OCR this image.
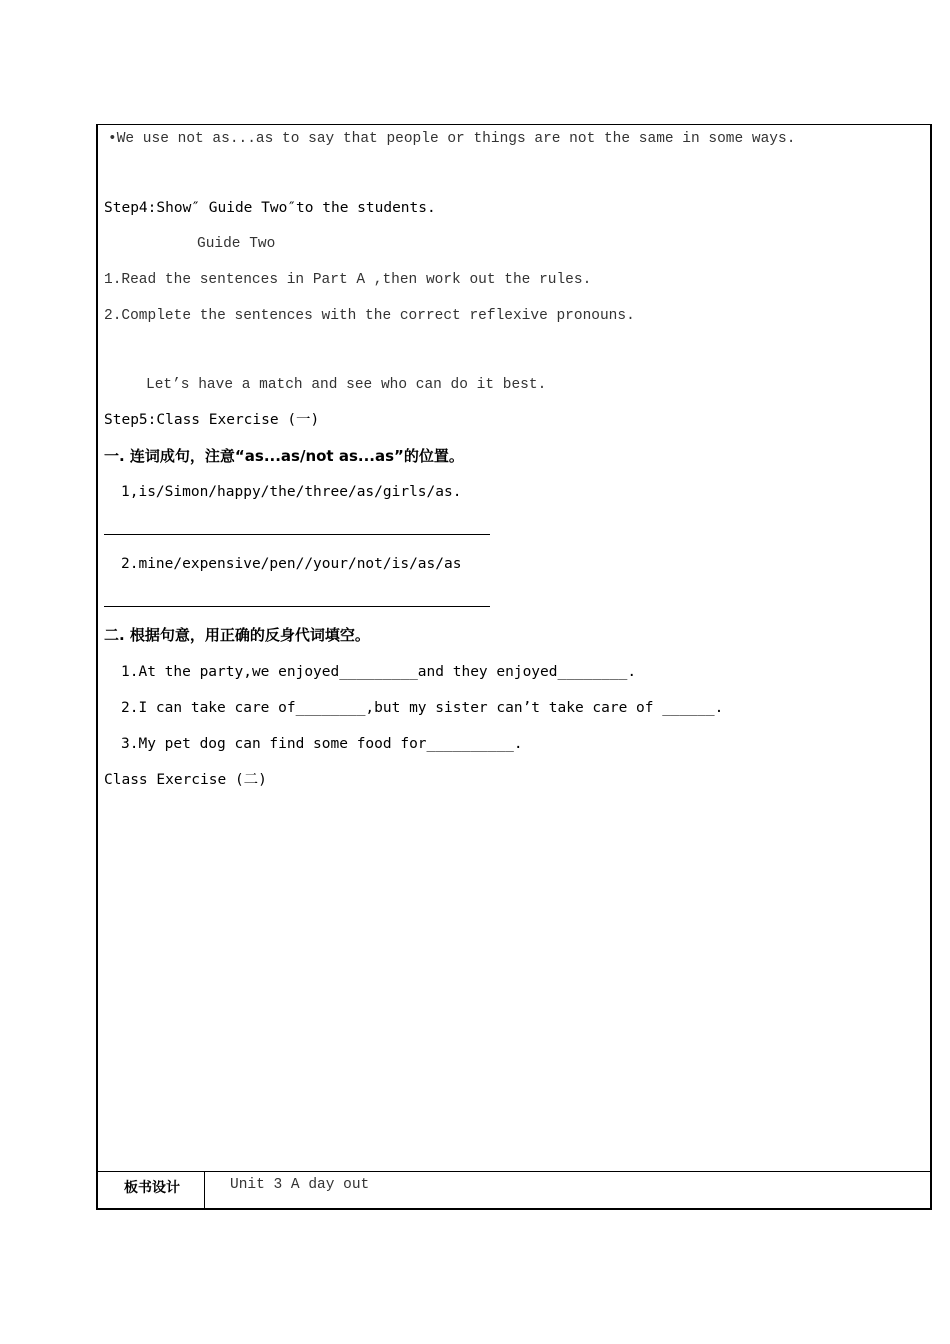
•We use not as...as to say that people or things are not the same in some ways.
Step4:Show″ Guide Two″to the students.
Guide Two
1.Read the sentences in Part A ,then work out the rules.
2.Complete the sentences with the correct reflexive pronouns.
Let’s have a match and see who can do it best.
Step5:Class Exercise (一)
一. 连词成句，注意“as...as/not as...as”的位置。
1,is/Simon/happy/the/three/as/girls/as.
2.mine/expensive/pen//your/not/is/as/as
二. 根据句意，用正确的反身代词填空。
1.At the party,we enjoyed_________and they enjoyed________.
2.I can take care of________,but my sister can’t take care of ______.
3.My pet dog can find some food for__________.
Class Exercise (二)
板书设计	Unit 3 A day out
